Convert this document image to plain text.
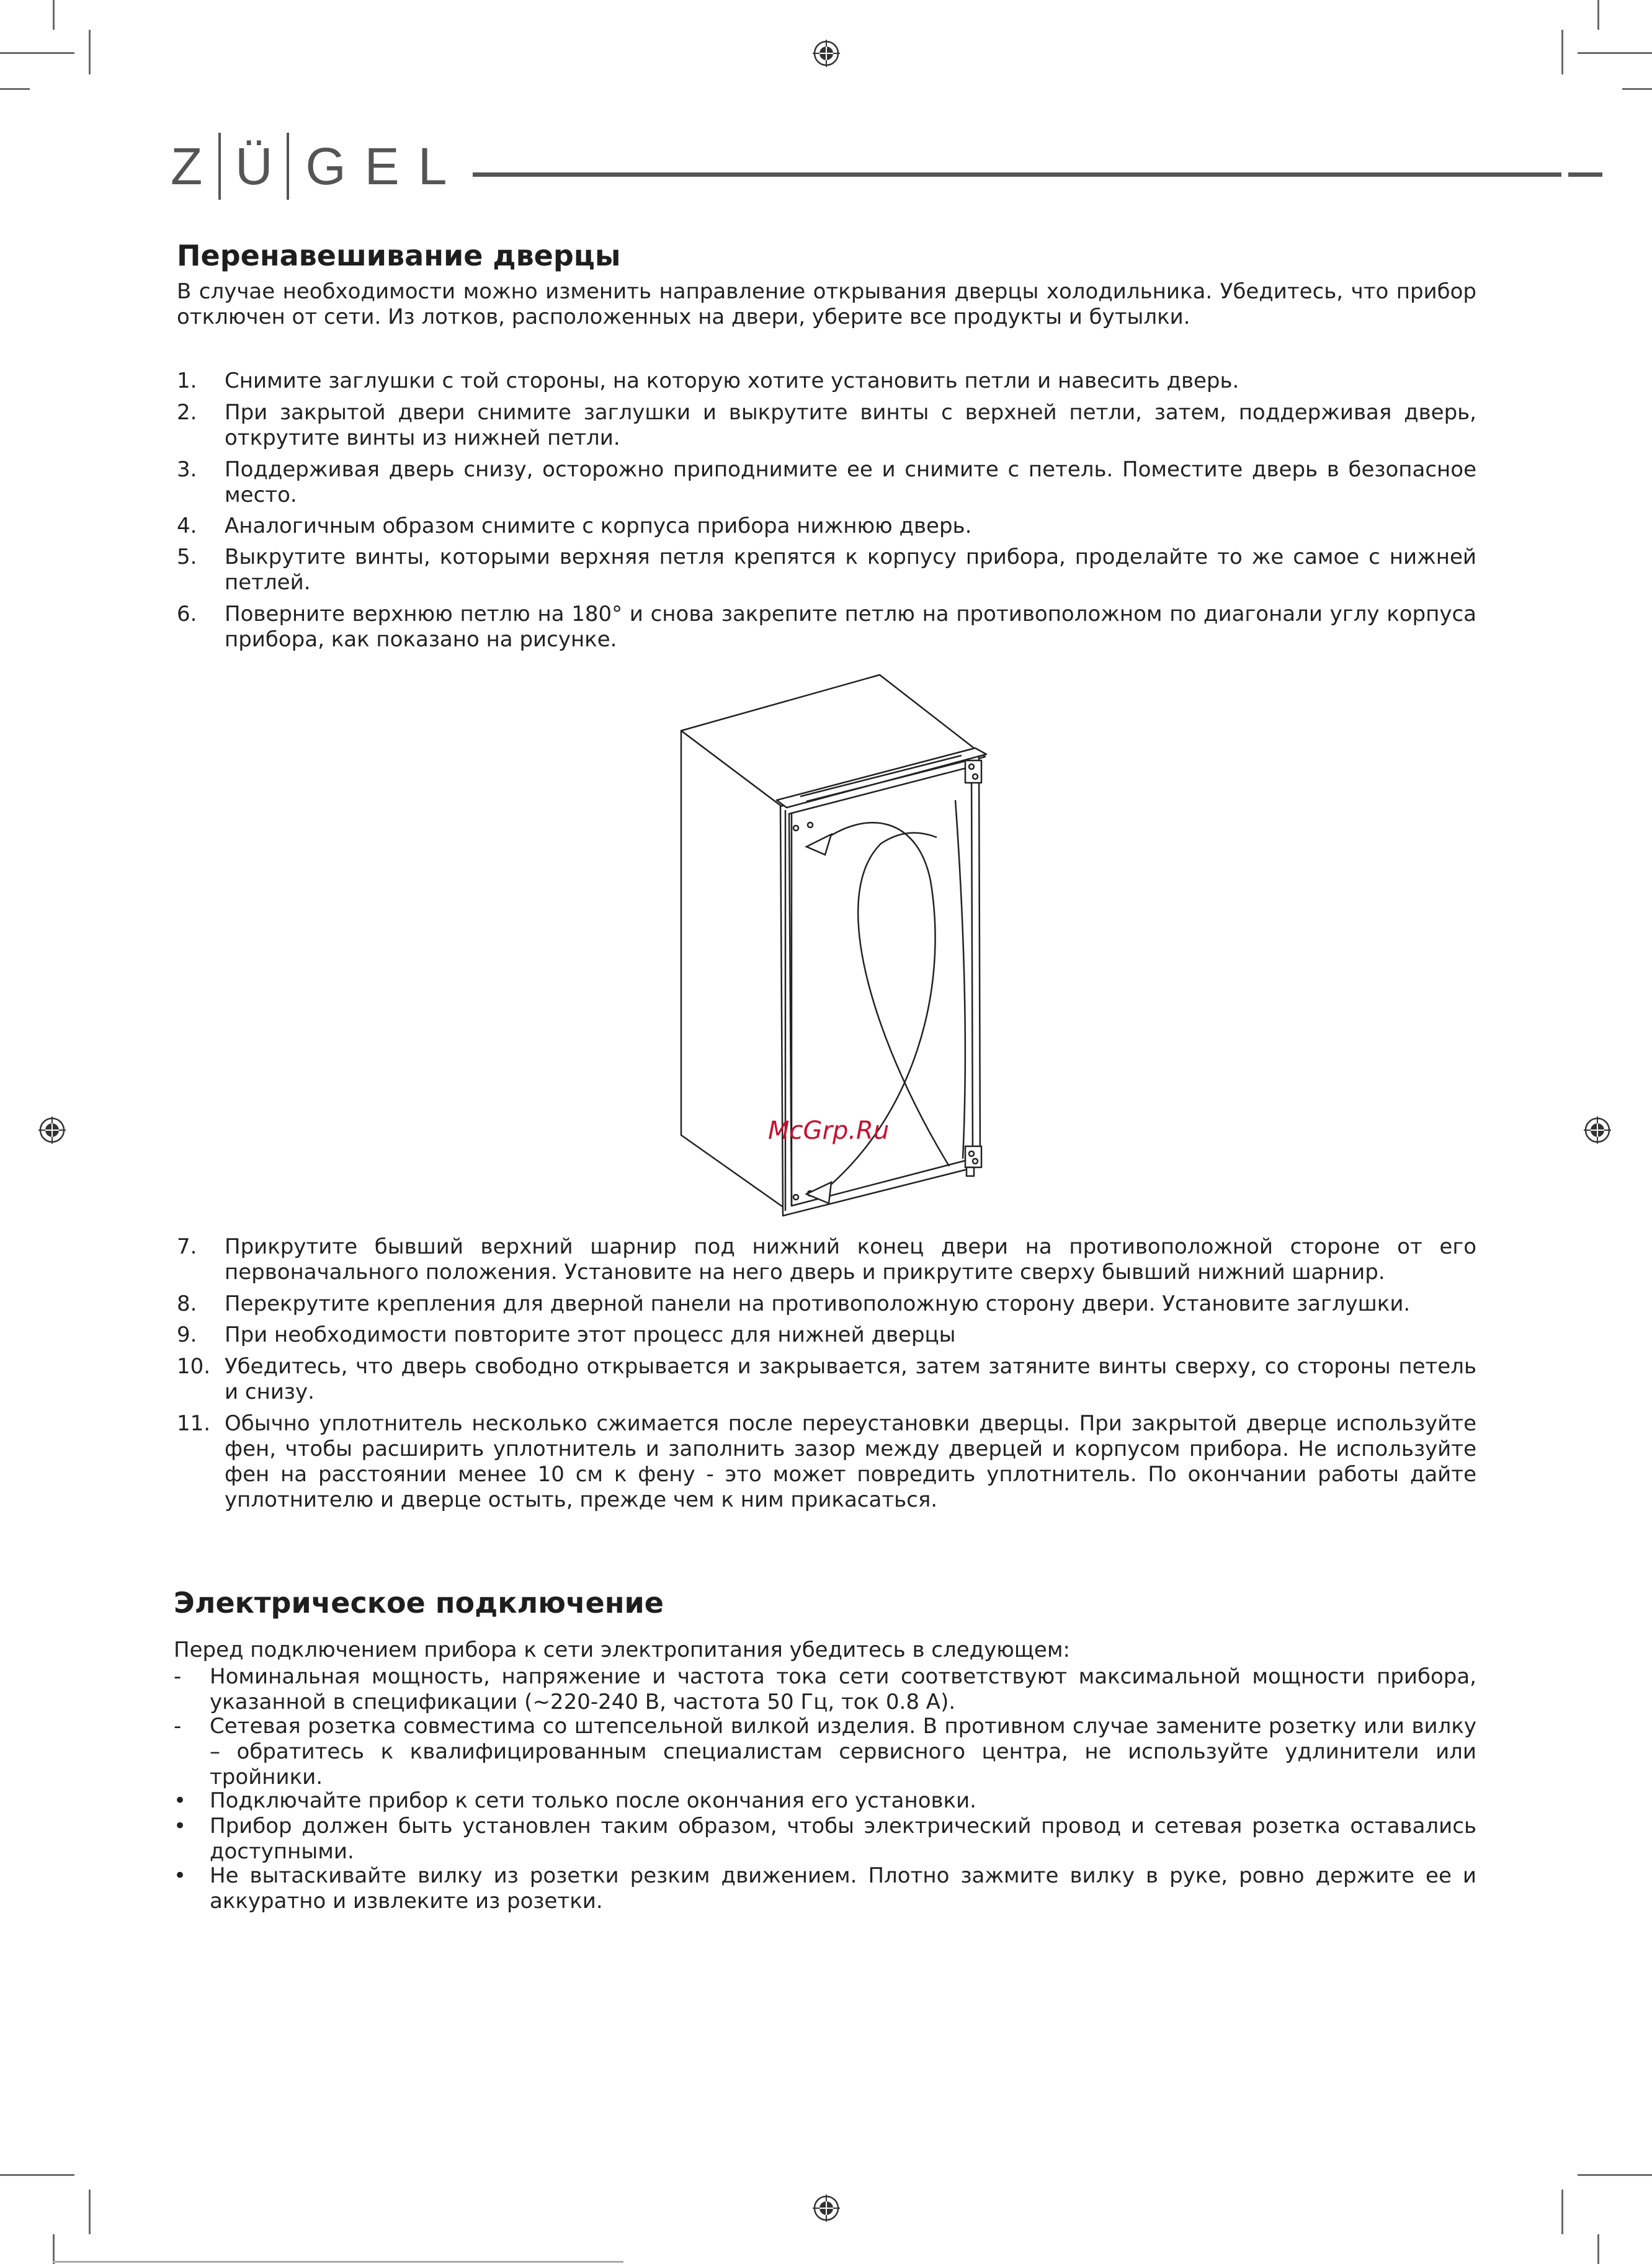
Z Ü G E L
Перенавешивание дверцы

В случае необходимости можно изменить направление открывания дверцы холодильника. Убедитесь, что прибор отключен от сети. Из лотков, расположенных на двери, уберите все продукты и бутылки.

1. Снимите заглушки с той стороны, на которую хотите установить петли и навесить дверь.
2. При закрытой двери снимите заглушки и выкрутите винты с верхней петли, затем, поддерживая дверь, открутите винты из нижней петли.
3. Поддерживая дверь снизу, осторожно приподнимите ее и снимите с петель. Поместите дверь в безопасное место.
4. Аналогичным образом снимите с корпуса прибора нижнюю дверь.
5. Выкрутите винты, которыми верхняя петля крепятся к корпусу прибора, проделайте то же самое с нижней петлей.
6. Поверните верхнюю петлю на 180° и снова закрепите петлю на противоположном по диагонали углу корпуса прибора, как показано на рисунке.
McGrp.Ru
7. Прикрутите бывший верхний шарнир под нижний конец двери на противоположной стороне от его первоначального положения. Установите на него дверь и прикрутите сверху бывший нижний шарнир.
8. Перекрутите крепления для дверной панели на противоположную сторону двери. Установите заглушки.
9. При необходимости повторите этот процесс для нижней дверцы
10. Убедитесь, что дверь свободно открывается и закрывается, затем затяните винты сверху, со стороны петель и снизу.
11. Обычно уплотнитель несколько сжимается после переустановки дверцы. При закрытой дверце используйте фен, чтобы расширить уплотнитель и заполнить зазор между дверцей и корпусом прибора. Не используйте фен на расстоянии менее 10 см к фену - это может повредить уплотнитель. По окончании работы дайте уплотнителю и дверце остыть, прежде чем к ним прикасаться.
Электрическое подключение

Перед подключением прибора к сети электропитания убедитесь в следующем:

- Номинальная мощность, напряжение и частота тока сети соответствуют максимальной мощности прибора, указанной в спецификации (~220-240 В, частота 50 Гц, ток 0.8 А).
- Сетевая розетка совместима со штепсельной вилкой изделия. В противном случае замените розетку или вилку – обратитесь к квалифицированным специалистам сервисного центра, не используйте удлинители или тройники.
• Подключайте прибор к сети только после окончания его установки.
• Прибор должен быть установлен таким образом, чтобы электрический провод и сетевая розетка оставались доступными.
• Не вытаскивайте вилку из розетки резким движением. Плотно зажмите вилку в руке, ровно держите ее и аккуратно и извлеките из розетки.
